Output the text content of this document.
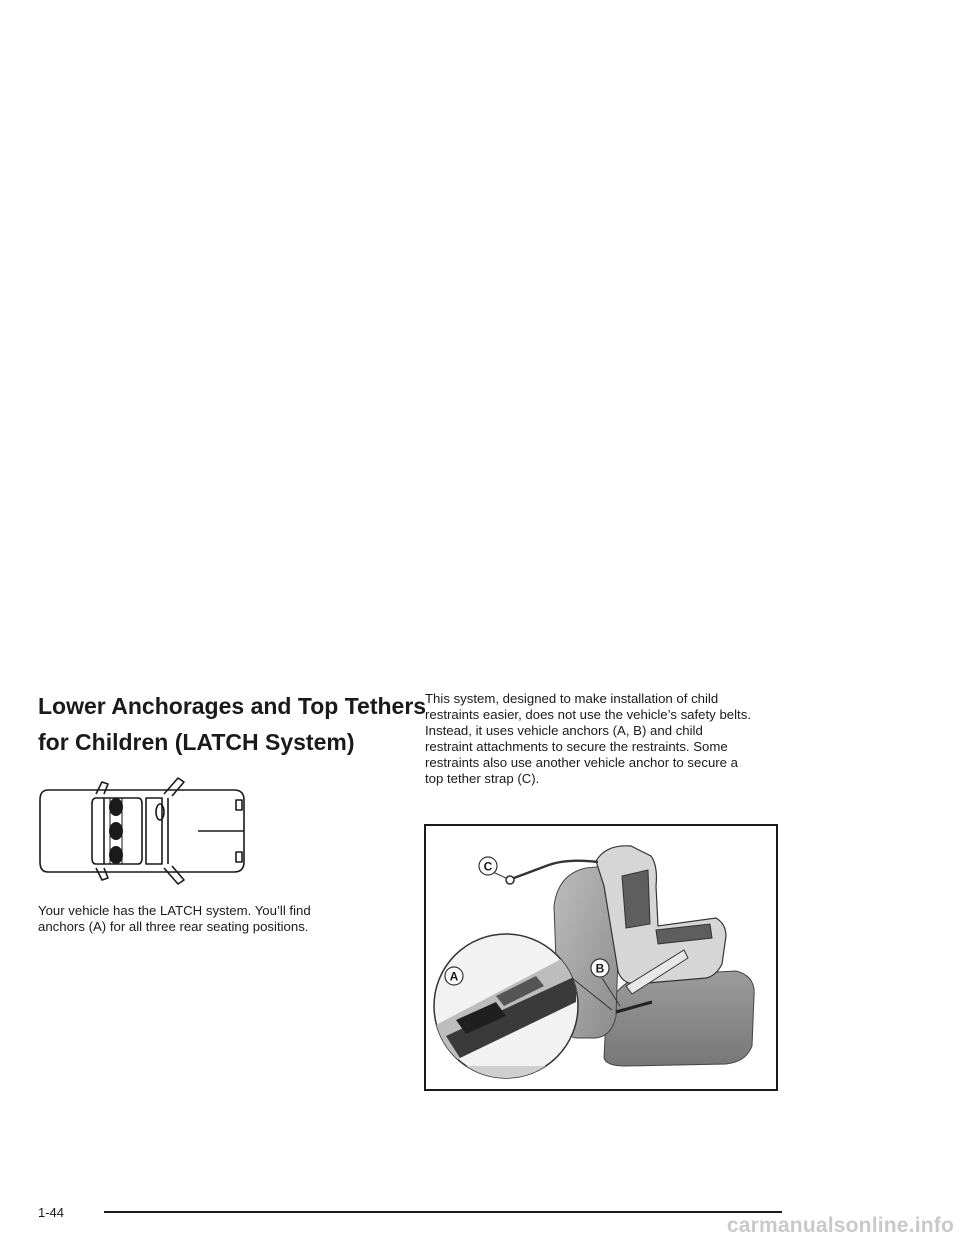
Lower Anchorages and Top Tethers
for Children (LATCH System)

Your vehicle has the LATCH system. You’ll find
anchors (A) for all three rear seating positions.

This system, designed to make installation of child
restraints easier, does not use the vehicle’s safety belts.
Instead, it uses vehicle anchors (A, B) and child
restraint attachments to secure the restraints. Some
restraints also use another vehicle anchor to secure a
top tether strap (C).

C
A
B
1-44
carmanualsonline.info
